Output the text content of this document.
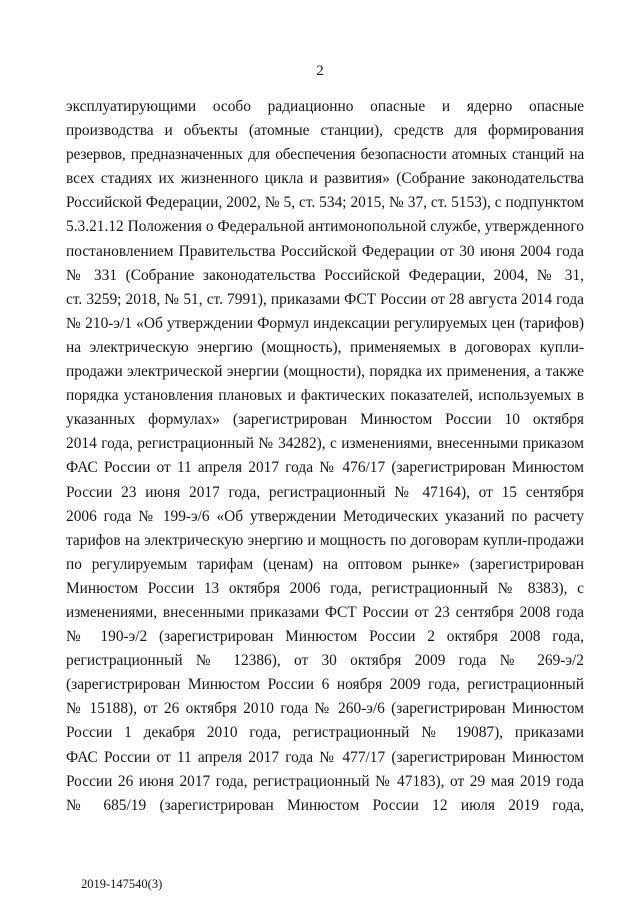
2
эксплуатирующими особо радиационно опасные и ядерно опасные
производства и объекты (атомные станции), средств для формирования
резервов, предназначенных для обеспечения безопасности атомных станций на
всех стадиях их жизненного цикла и развития» (Собрание законодательства
Российской Федерации, 2002, № 5, ст. 534; 2015, № 37, ст. 5153), с подпунктом
5.3.21.12 Положения о Федеральной антимонопольной службе, утвержденного
постановлением Правительства Российской Федерации от 30 июня 2004 года
№ 331 (Собрание законодательства Российской Федерации, 2004, № 31,
ст. 3259; 2018, № 51, ст. 7991), приказами ФСТ России от 28 августа 2014 года
№ 210-э/1 «Об утверждении Формул индексации регулируемых цен (тарифов)
на электрическую энергию (мощность), применяемых в договорах купли-
продажи электрической энергии (мощности), порядка их применения, а также
порядка установления плановых и фактических показателей, используемых в
указанных формулах» (зарегистрирован Минюстом России 10 октября
2014 года, регистрационный № 34282), с изменениями, внесенными приказом
ФАС России от 11 апреля 2017 года № 476/17 (зарегистрирован Минюстом
России 23 июня 2017 года, регистрационный № 47164), от 15 сентября
2006 года № 199-э/6 «Об утверждении Методических указаний по расчету
тарифов на электрическую энергию и мощность по договорам купли-продажи
по регулируемым тарифам (ценам) на оптовом рынке» (зарегистрирован
Минюстом России 13 октября 2006 года, регистрационный № 8383), с
изменениями, внесенными приказами ФСТ России от 23 сентября 2008 года
№ 190-э/2 (зарегистрирован Минюстом России 2 октября 2008 года,
регистрационный № 12386), от 30 октября 2009 года № 269-э/2
(зарегистрирован Минюстом России 6 ноября 2009 года, регистрационный
№ 15188), от 26 октября 2010 года № 260-э/6 (зарегистрирован Минюстом
России 1 декабря 2010 года, регистрационный № 19087), приказами
ФАС России от 11 апреля 2017 года № 477/17 (зарегистрирован Минюстом
России 26 июня 2017 года, регистрационный № 47183), от 29 мая 2019 года
№ 685/19 (зарегистрирован Минюстом России 12 июля 2019 года,
2019-147540(3)
